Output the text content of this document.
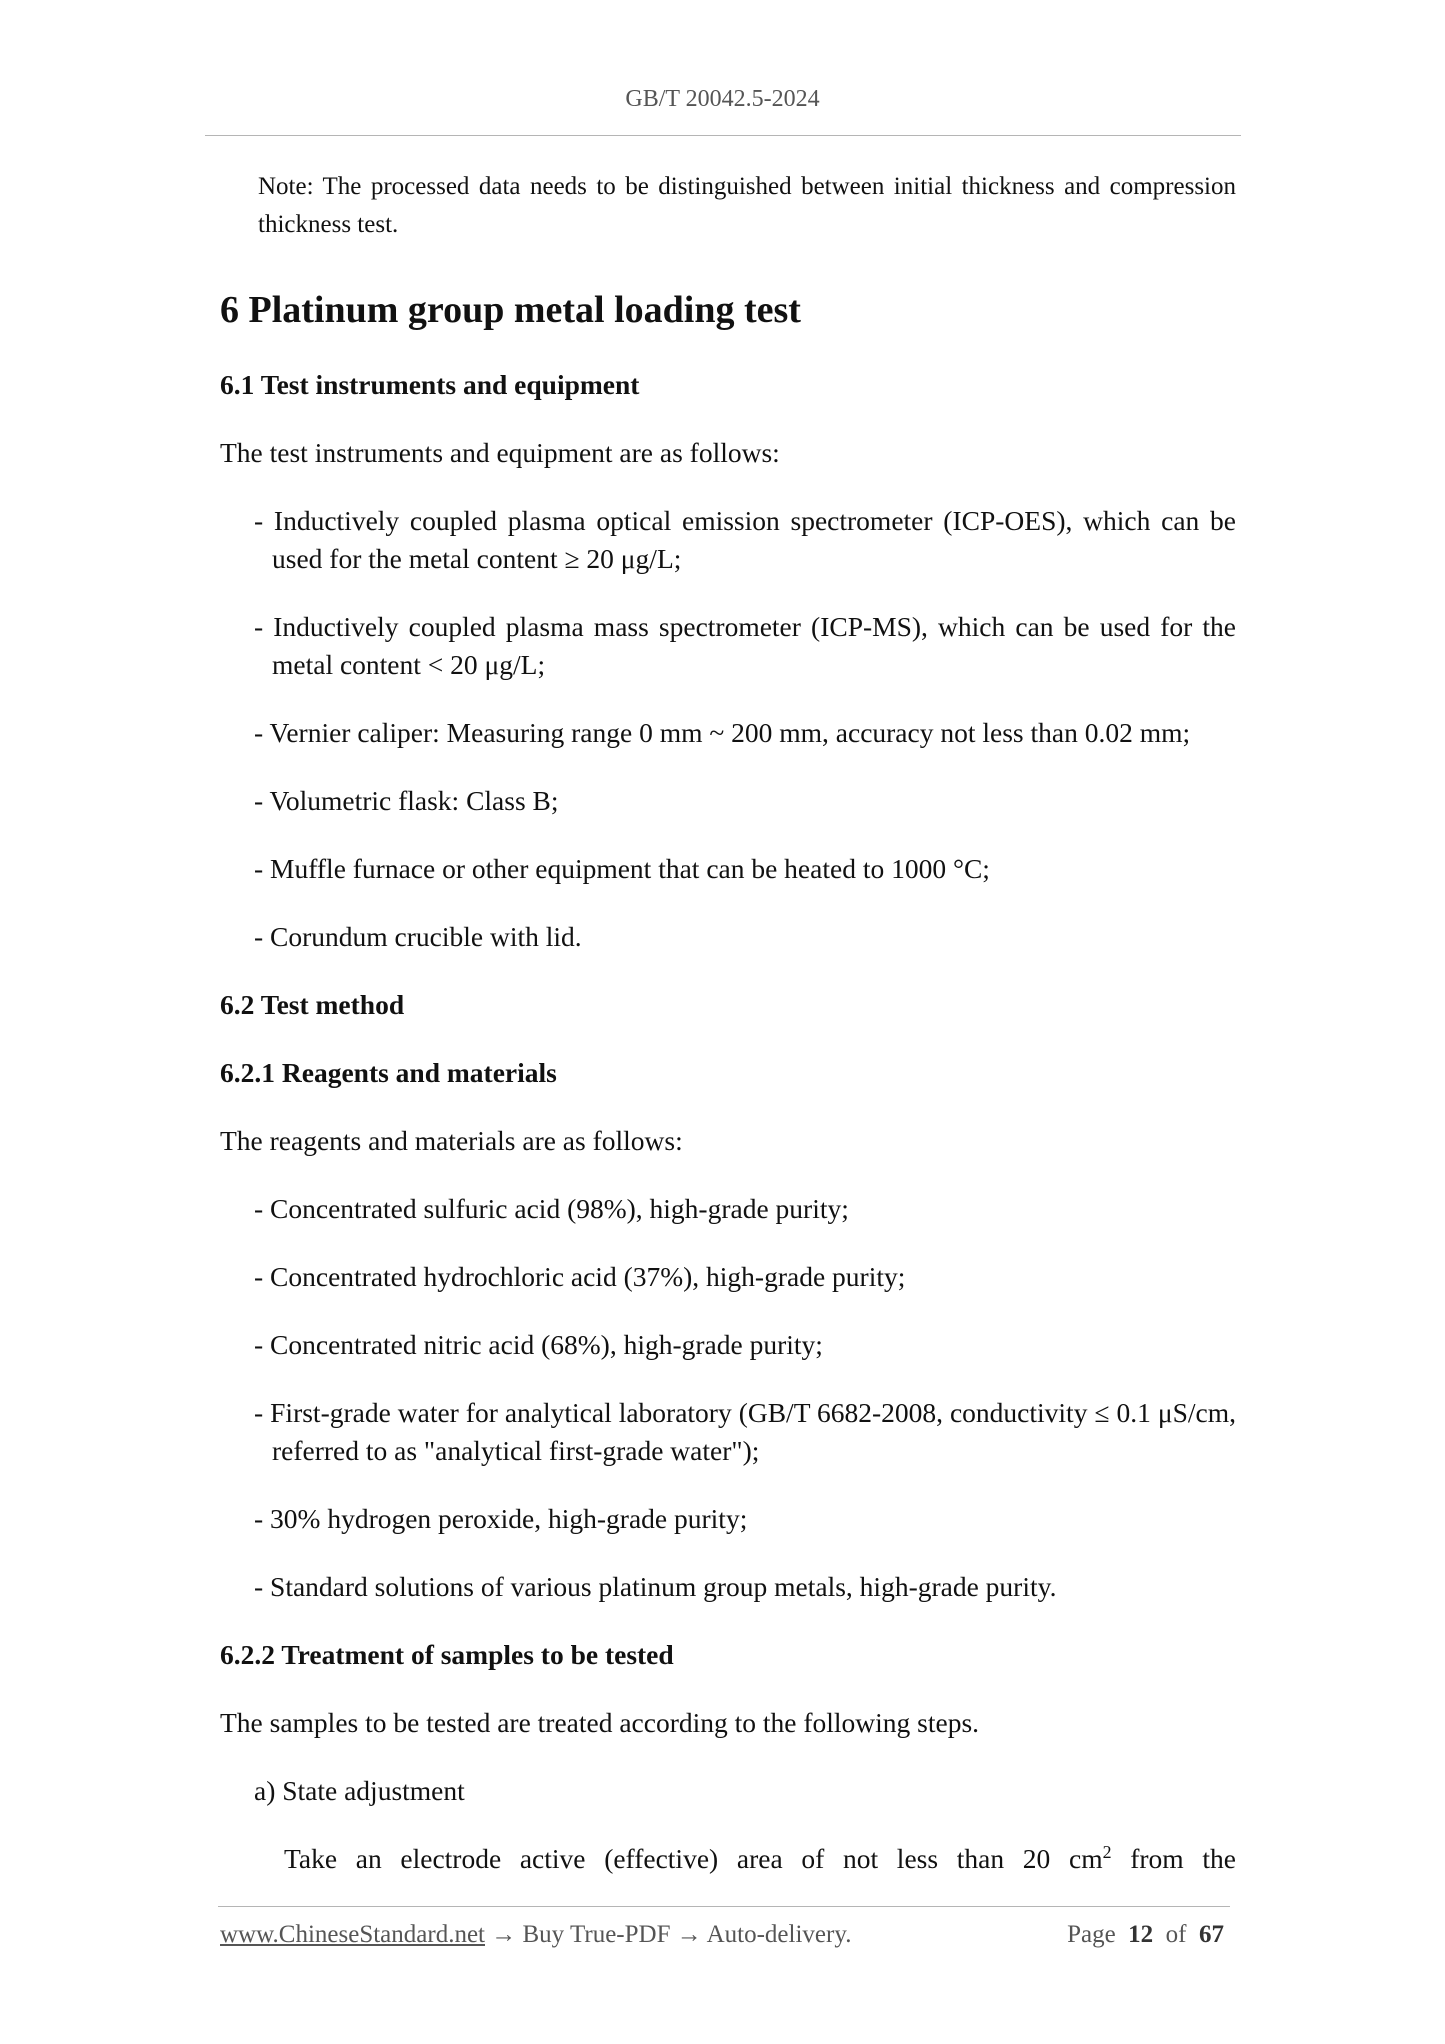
GB/T 20042.5-2024

Note: The processed data needs to be distinguished between initial thickness and compression thickness test.

6 Platinum group metal loading test
6.1 Test instruments and equipment

The test instruments and equipment are as follows:

- Inductively coupled plasma optical emission spectrometer (ICP-OES), which can be used for the metal content ≥ 20 μg/L;

- Inductively coupled plasma mass spectrometer (ICP-MS), which can be used for the metal content < 20 μg/L;

- Vernier caliper: Measuring range 0 mm ~ 200 mm, accuracy not less than 0.02 mm;

- Volumetric flask: Class B;

- Muffle furnace or other equipment that can be heated to 1000 °C;

- Corundum crucible with lid.

6.2 Test method
6.2.1 Reagents and materials

The reagents and materials are as follows:

- Concentrated sulfuric acid (98%), high-grade purity;

- Concentrated hydrochloric acid (37%), high-grade purity;

- Concentrated nitric acid (68%), high-grade purity;

- First-grade water for analytical laboratory (GB/T 6682-2008, conductivity ≤ 0.1 μS/cm, referred to as "analytical first-grade water");

- 30% hydrogen peroxide, high-grade purity;

- Standard solutions of various platinum group metals, high-grade purity.

6.2.2 Treatment of samples to be tested

The samples to be tested are treated according to the following steps.

a) State adjustment

Take an electrode active (effective) area of not less than 20 $cm^2$ from the

www.ChineseStandard.net → Buy True-PDF → Auto-delivery.	Page 12 of 67
